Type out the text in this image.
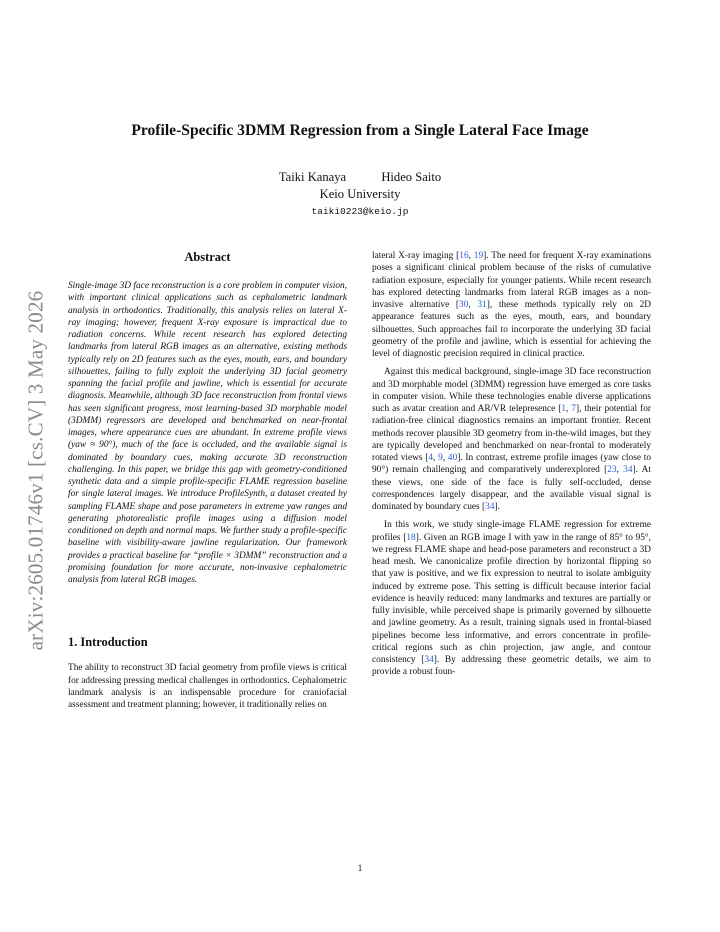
arXiv:2605.01746v1 [cs.CV] 3 May 2026
Profile-Specific 3DMM Regression from a Single Lateral Face Image
Taiki Kanaya	Hideo Saito
Keio University
taiki0223@keio.jp
Abstract

Single-image 3D face reconstruction is a core problem in computer vision, with important clinical applications such as cephalometric landmark analysis in orthodontics. Traditionally, this analysis relies on lateral X-ray imaging; however, frequent X-ray exposure is impractical due to radiation concerns. While recent research has explored detecting landmarks from lateral RGB images as an alternative, existing methods typically rely on 2D features such as the eyes, mouth, ears, and boundary silhouettes, failing to fully exploit the underlying 3D facial geometry spanning the facial profile and jawline, which is essential for accurate diagnosis. Meanwhile, although 3D face reconstruction from frontal views has seen significant progress, most learning-based 3D morphable model (3DMM) regressors are developed and benchmarked on near-frontal images, where appearance cues are abundant. In extreme profile views (yaw ≈ 90°), much of the face is occluded, and the available signal is dominated by boundary cues, making accurate 3D reconstruction challenging. In this paper, we bridge this gap with geometry-conditioned synthetic data and a simple profile-specific FLAME regression baseline for single lateral images. We introduce ProfileSynth, a dataset created by sampling FLAME shape and pose parameters in extreme yaw ranges and generating photorealistic profile images using a diffusion model conditioned on depth and normal maps. We further study a profile-specific baseline with visibility-aware jawline regularization. Our framework provides a practical baseline for “profile × 3DMM” reconstruction and a promising foundation for more accurate, non-invasive cephalometric analysis from lateral RGB images.

1. Introduction

The ability to reconstruct 3D facial geometry from profile views is critical for addressing pressing medical challenges in orthodontics. Cephalometric landmark analysis is an indispensable procedure for craniofacial assessment and treatment planning; however, it traditionally relies on

lateral X-ray imaging [16, 19]. The need for frequent X-ray examinations poses a significant clinical problem because of the risks of cumulative radiation exposure, especially for younger patients. While recent research has explored detecting landmarks from lateral RGB images as a non-invasive alternative [30, 31], these methods typically rely on 2D appearance features such as the eyes, mouth, ears, and boundary silhouettes. Such approaches fail to incorporate the underlying 3D facial geometry of the profile and jawline, which is essential for achieving the level of diagnostic precision required in clinical practice.

Against this medical background, single-image 3D face reconstruction and 3D morphable model (3DMM) regression have emerged as core tasks in computer vision. While these technologies enable diverse applications such as avatar creation and AR/VR telepresence [1, 7], their potential for radiation-free clinical diagnostics remains an important frontier. Recent methods recover plausible 3D geometry from in-the-wild images, but they are typically developed and benchmarked on near-frontal to moderately rotated views [4, 9, 40]. In contrast, extreme profile images (yaw close to 90°) remain challenging and comparatively underexplored [23, 34]. At these views, one side of the face is fully self-occluded, dense correspondences largely disappear, and the available visual signal is dominated by boundary cues [34].

In this work, we study single-image FLAME regression for extreme profiles [18]. Given an RGB image I with yaw in the range of 85° to 95°, we regress FLAME shape and head-pose parameters and reconstruct a 3D head mesh. We canonicalize profile direction by horizontal flipping so that yaw is positive, and we fix expression to neutral to isolate ambiguity induced by extreme pose. This setting is difficult because interior facial evidence is heavily reduced: many landmarks and textures are partially or fully invisible, while perceived shape is primarily governed by silhouette and jawline geometry. As a result, training signals used in frontal-biased pipelines become less informative, and errors concentrate in profile-critical regions such as chin projection, jaw angle, and contour consistency [34]. By addressing these geometric details, we aim to provide a robust foun-

1
